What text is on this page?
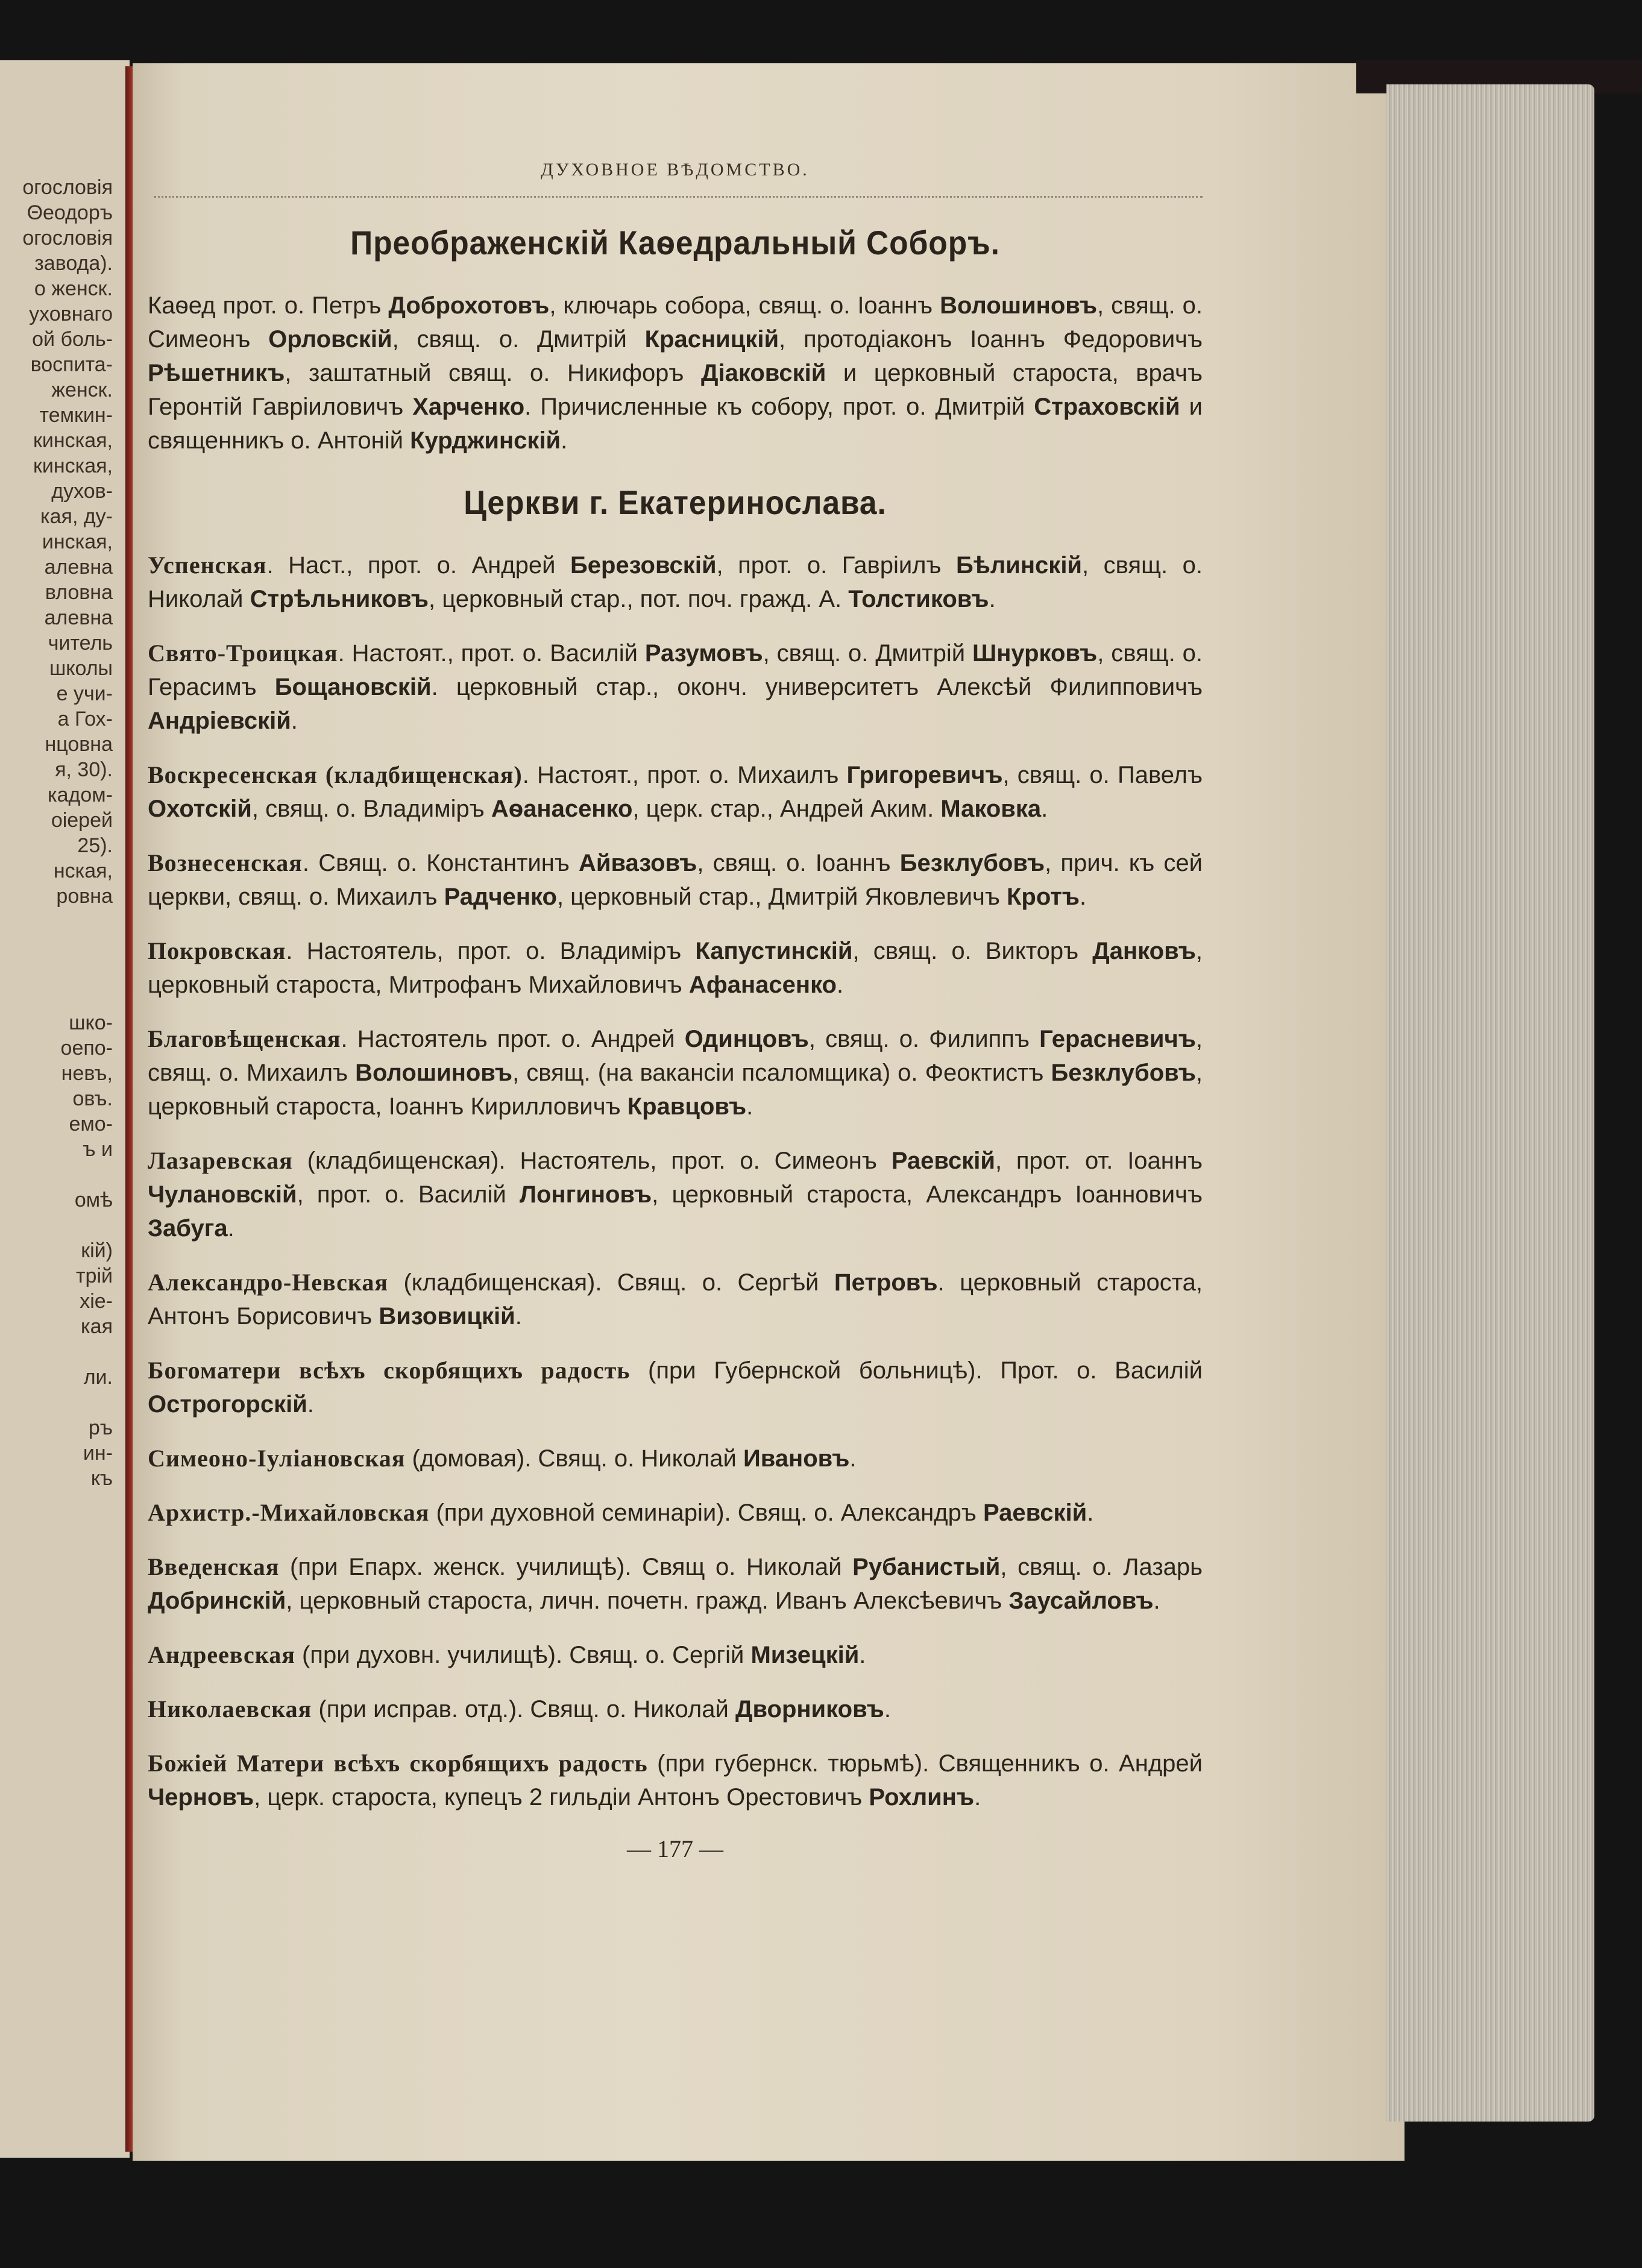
огословія
Θеодоръ
огословія
завода).
о женск.
уховнаго
ой боль-
воспита-
женск.
темкин-
кинская,
кинская,
духов-
кая, ду-
инская,
алевна
вловна
алевна
читель
школы
е учи-
а Гох-
нцовна
я, 30).
кадом-
оіерей
25).
нская,
ровна

шко-
оепо-
невъ,
овъ.
емо-
ъ и

омѣ

кій)
трій
хіе-
кая

ли.

ръ
ин-
къ
ДУХОВНОЕ ВѢДОМСТВО.
Преображенскій Каѳедральный Соборъ.

Каѳед прот. о. Петръ Доброхотовъ, ключарь собора, свящ. о. Іоаннъ Волошиновъ, свящ. о. Симеонъ Орловскій, свящ. о. Дмитрій Красницкій, протодіаконъ Іоаннъ Федоровичъ Рѣшетникъ, заштатный свящ. о. Никифоръ Діаковскій и церковный староста, врачъ Геронтій Гавріиловичъ Харченко. Причисленные къ собору, прот. о. Дмитрій Страховскій и священникъ о. Антоній Курджинскій.

Церкви г. Екатеринослава.

Успенская. Наст., прот. о. Андрей Березовскій, прот. о. Гавріилъ Бѣлинскій, свящ. о. Николай Стрѣльниковъ, церковный стар., пот. поч. гражд. А. Толстиковъ.

Свято-Троицкая. Настоят., прот. о. Василій Разумовъ, свящ. о. Дмитрій Шнурковъ, свящ. о. Герасимъ Бощановскій. церковный стар., оконч. университетъ Алексѣй Филипповичъ Андріевскій.

Воскресенская (кладбищенская). Настоят., прот. о. Михаилъ Григоревичъ, свящ. о. Павелъ Охотскій, свящ. о. Владиміръ Аѳанасенко, церк. стар., Андрей Аким. Маковка.

Вознесенская. Свящ. о. Константинъ Айвазовъ, свящ. о. Іоаннъ Безклубовъ, прич. къ сей церкви, свящ. о. Михаилъ Радченко, церковный стар., Дмитрій Яковлевичъ Кротъ.

Покровская. Настоятель, прот. о. Владиміръ Капустинскій, свящ. о. Викторъ Данковъ, церковный староста, Митрофанъ Михайловичъ Афанасенко.

Благовѣщенская. Настоятель прот. о. Андрей Одинцовъ, свящ. о. Филиппъ Герасневичъ, свящ. о. Михаилъ Волошиновъ, свящ. (на вакансіи псаломщика) о. Феоктистъ Безклубовъ, церковный староста, Іоаннъ Кирилловичъ Кравцовъ.

Лазаревская (кладбищенская). Настоятель, прот. о. Симеонъ Раевскій, прот. от. Іоаннъ Чулановскій, прот. о. Василій Лонгиновъ, церковный староста, Александръ Іоанновичъ Забуга.

Александро-Невская (кладбищенская). Свящ. о. Сергѣй Петровъ. церковный староста, Антонъ Борисовичъ Визовицкій.

Богоматери всѣхъ скорбящихъ радость (при Губернской больницѣ). Прот. о. Василій Острогорскій.

Симеоно-Іуліановская (домовая). Свящ. о. Николай Ивановъ.

Архистр.-Михайловская (при духовной семинаріи). Свящ. о. Александръ Раевскій.

Введенская (при Епарх. женск. училищѣ). Свящ о. Николай Рубанистый, свящ. о. Лазарь Добринскій, церковный староста, личн. почетн. гражд. Иванъ Алексѣевичъ Заусайловъ.

Андреевская (при духовн. училищѣ). Свящ. о. Сергій Мизецкій.

Николаевская (при исправ. отд.). Свящ. о. Николай Дворниковъ.

Божіей Матери всѣхъ скорбящихъ радость (при губернск. тюрьмѣ). Священникъ о. Андрей Черновъ, церк. староста, купецъ 2 гильдіи Антонъ Орестовичъ Рохлинъ.

— 177 —
